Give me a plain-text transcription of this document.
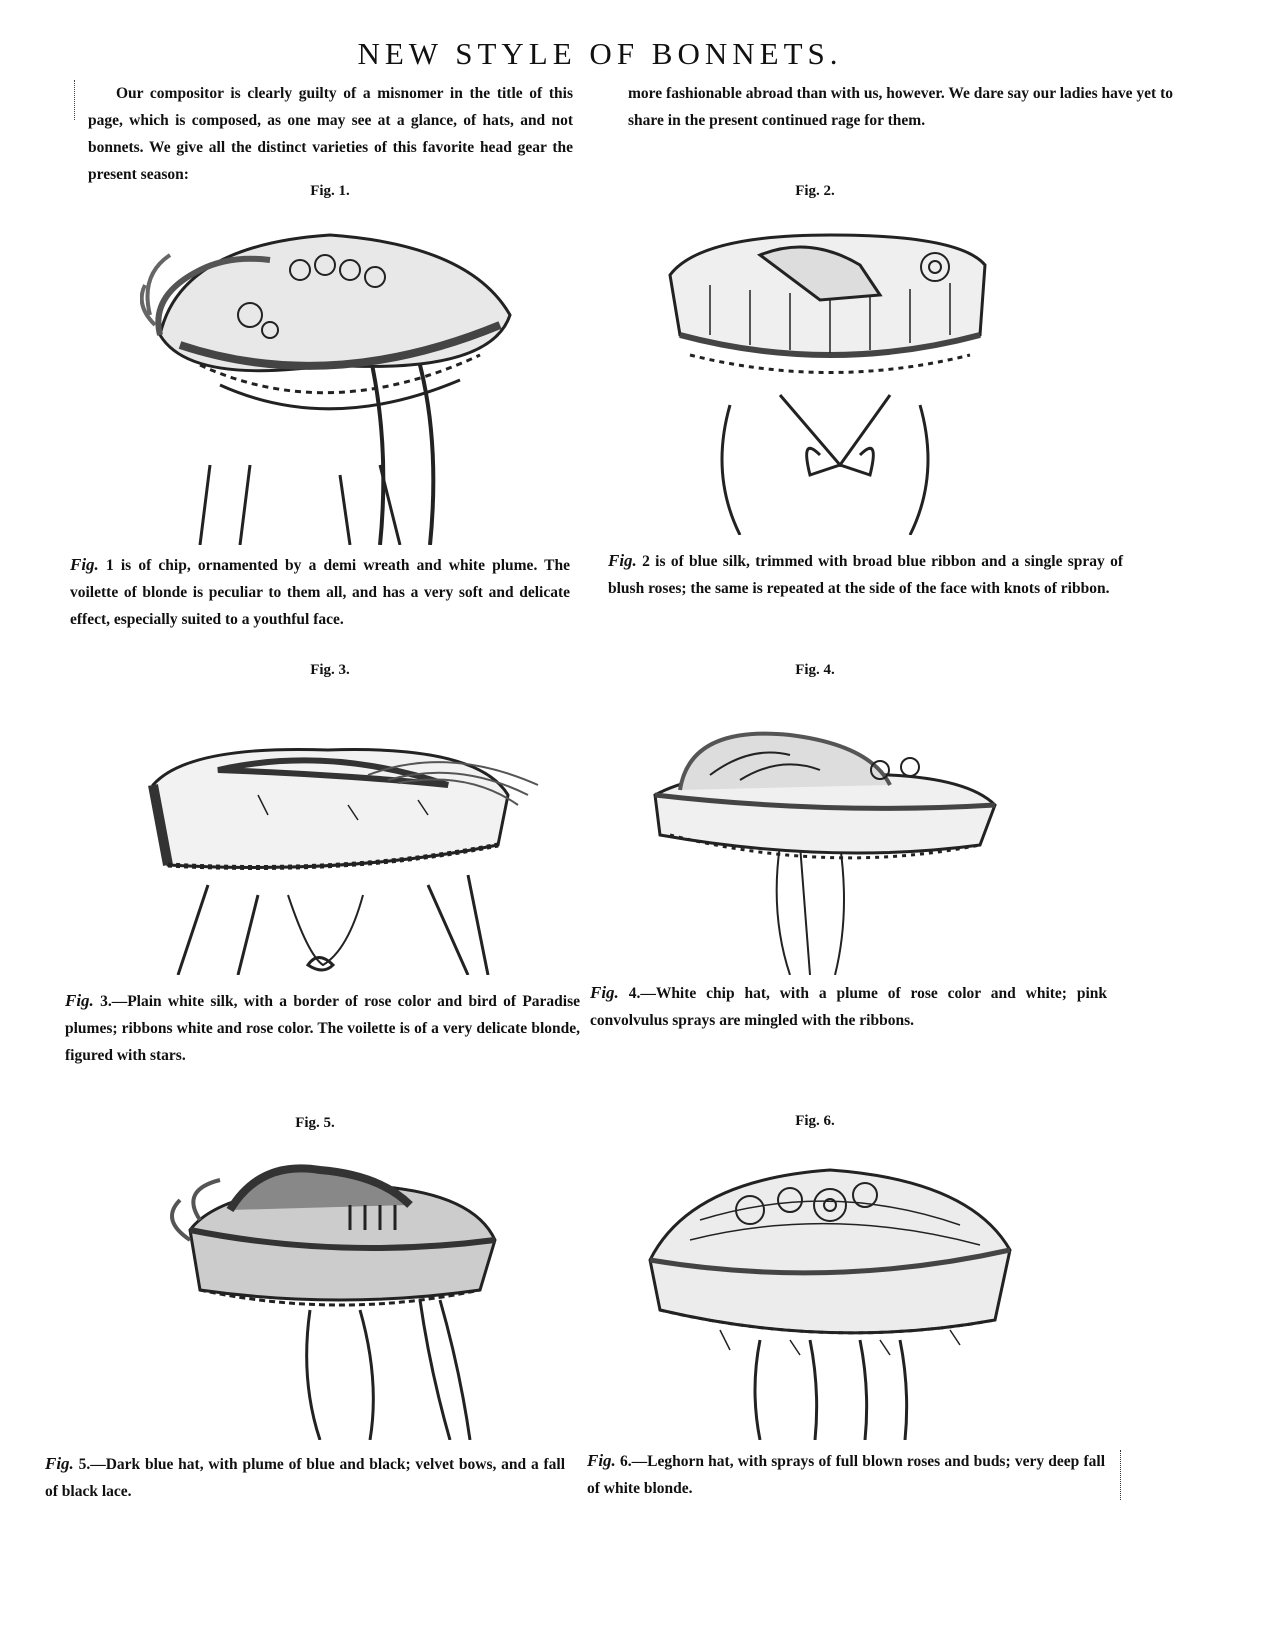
NEW STYLE OF BONNETS.

Our compositor is clearly guilty of a misnomer in the title of this page, which is composed, as one may see at a glance, of hats, and not bonnets. We give all the distinct varieties of this favorite head gear the present season:

more fashionable abroad than with us, however. We dare say our ladies have yet to share in the present continued rage for them.

Fig. 1.

Fig. 1 is of chip, ornamented by a demi wreath and white plume. The voilette of blonde is peculiar to them all, and has a very soft and delicate effect, especially suited to a youthful face.

Fig. 2.

Fig. 2 is of blue silk, trimmed with broad blue ribbon and a single spray of blush roses; the same is repeated at the side of the face with knots of ribbon.

Fig. 3.

Fig. 3.—Plain white silk, with a border of rose color and bird of Paradise plumes; ribbons white and rose color. The voilette is of a very delicate blonde, figured with stars.

Fig. 4.

Fig. 4.—White chip hat, with a plume of rose color and white; pink convolvulus sprays are mingled with the ribbons.

Fig. 5.

Fig. 5.—Dark blue hat, with plume of blue and black; velvet bows, and a fall of black lace.

Fig. 6.

Fig. 6.—Leghorn hat, with sprays of full blown roses and buds; very deep fall of white blonde.
